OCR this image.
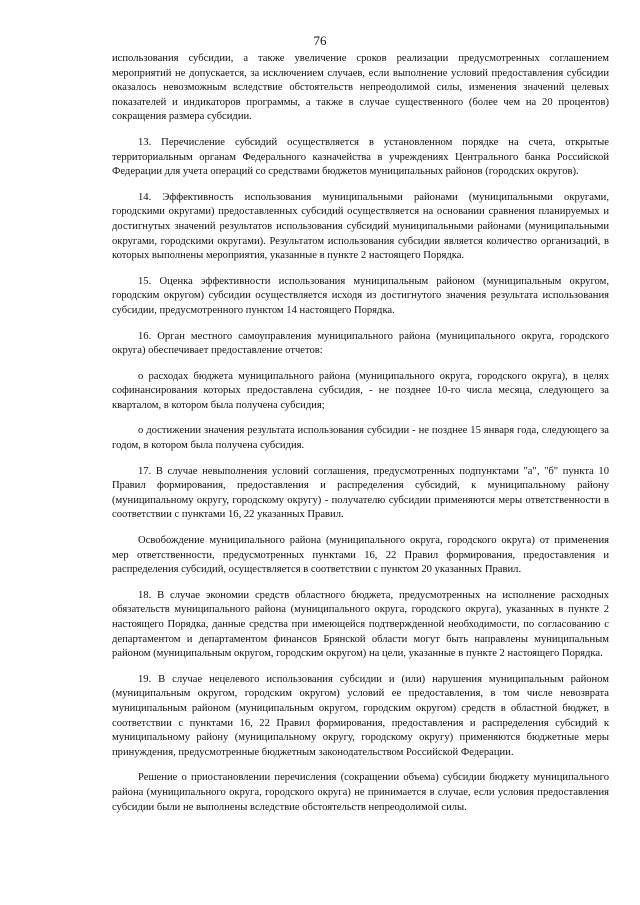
76

использования субсидии, а также увеличение сроков реализации предусмотренных соглашением мероприятий не допускается, за исключением случаев, если выполнение условий предоставления субсидии оказалось невозможным вследствие обстоятельств непреодолимой силы, изменения значений целевых показателей и индикаторов программы, а также в случае существенного (более чем на 20 процентов) сокращения размера субсидии.

13. Перечисление субсидий осуществляется в установленном порядке на счета, открытые территориальным органам Федерального казначейства в учреждениях Центрального банка Российской Федерации для учета операций со средствами бюджетов муниципальных районов (городских округов).

14. Эффективность использования муниципальными районами (муниципальными округами, городскими округами) предоставленных субсидий осуществляется на основании сравнения планируемых и достигнутых значений результатов использования субсидий муниципальными районами (муниципальными округами, городскими округами). Результатом использования субсидии является количество организаций, в которых выполнены мероприятия, указанные в пункте 2 настоящего Порядка.

15. Оценка эффективности использования муниципальным районом (муниципальным округом, городским округом) субсидии осуществляется исходя из достигнутого значения результата использования субсидии, предусмотренного пунктом 14 настоящего Порядка.

16. Орган местного самоуправления муниципального района (муниципального округа, городского округа) обеспечивает предоставление отчетов:

о расходах бюджета муниципального района (муниципального округа, городского округа), в целях софинансирования которых предоставлена субсидия, - не позднее 10-го числа месяца, следующего за кварталом, в котором была получена субсидия;

о достижении значения результата использования субсидии - не позднее 15 января года, следующего за годом, в котором была получена субсидия.

17. В случае невыполнения условий соглашения, предусмотренных подпунктами "а", "б" пункта 10 Правил формирования, предоставления и распределения субсидий, к муниципальному району (муниципальному округу, городскому округу) - получателю субсидии применяются меры ответственности в соответствии с пунктами 16, 22 указанных Правил.

Освобождение муниципального района (муниципального округа, городского округа) от применения мер ответственности, предусмотренных пунктами 16, 22 Правил формирования, предоставления и распределения субсидий, осуществляется в соответствии с пунктом 20 указанных Правил.

18. В случае экономии средств областного бюджета, предусмотренных на исполнение расходных обязательств муниципального района (муниципального округа, городского округа), указанных в пункте 2 настоящего Порядка, данные средства при имеющейся подтвержденной необходимости, по согласованию с департаментом и департаментом финансов Брянской области могут быть направлены муниципальным районом (муниципальным округом, городским округом) на цели, указанные в пункте 2 настоящего Порядка.

19. В случае нецелевого использования субсидии и (или) нарушения муниципальным районом (муниципальным округом, городским округом) условий ее предоставления, в том числе невозврата муниципальным районом (муниципальным округом, городским округом) средств в областной бюджет, в соответствии с пунктами 16, 22 Правил формирования, предоставления и распределения субсидий к муниципальному району (муниципальному округу, городскому округу) применяются бюджетные меры принуждения, предусмотренные бюджетным законодательством Российской Федерации.

Решение о приостановлении перечисления (сокращении объема) субсидии бюджету муниципального района (муниципального округа, городского округа) не принимается в случае, если условия предоставления субсидии были не выполнены вследствие обстоятельств непреодолимой силы.
